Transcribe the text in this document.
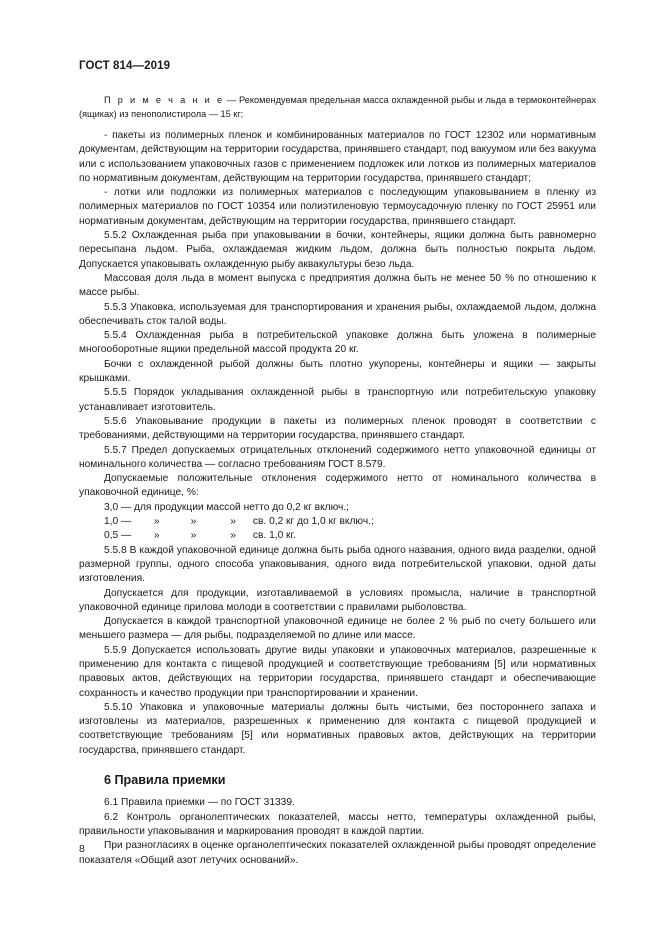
ГОСТ 814—2019

П р и м е ч а н и е — Рекомендуемая предельная масса охлажденной рыбы и льда в термоконтейнерах (ящиках) из пенополистирола — 15 кг;

- пакеты из полимерных пленок и комбинированных материалов по ГОСТ 12302 или нормативным документам, действующим на территории государства, принявшего стандарт, под вакуумом или без вакуума или с использованием упаковочных газов с применением подложек или лотков из полимерных материалов по нормативным документам, действующим на территории государства, принявшего стандарт;

- лотки или подложки из полимерных материалов с последующим упаковыванием в пленку из полимерных материалов по ГОСТ 10354 или полиэтиленовую термоусадочную пленку по ГОСТ 25951 или нормативным документам, действующим на территории государства, принявшего стандарт.

5.5.2 Охлажденная рыба при упаковывании в бочки, контейнеры, ящики должна быть равномерно пересыпана льдом. Рыба, охлаждаемая жидким льдом, должна быть полностью покрыта льдом. Допускается упаковывать охлажденную рыбу аквакультуры безо льда.

Массовая доля льда в момент выпуска с предприятия должна быть не менее 50 % по отношению к массе рыбы.

5.5.3 Упаковка, используемая для транспортирования и хранения рыбы, охлаждаемой льдом, должна обеспечивать сток талой воды.

5.5.4 Охлажденная рыба в потребительской упаковке должна быть уложена в полимерные многооборотные ящики предельной массой продукта 20 кг.

Бочки с охлажденной рыбой должны быть плотно укупорены, контейнеры и ящики — закрыты крышками.

5.5.5 Порядок укладывания охлажденной рыбы в транспортную или потребительскую упаковку устанавливает изготовитель.

5.5.6 Упаковывание продукции в пакеты из полимерных пленок проводят в соответствии с требованиями, действующими на территории государства, принявшего стандарт.

5.5.7 Предел допускаемых отрицательных отклонений содержимого нетто упаковочной единицы от номинального количества — согласно требованиям ГОСТ 8.579.

Допускаемые положительные отклонения содержимого нетто от номинального количества в упаковочной единице, %:

3,0 — для продукции массой нетто до 0,2 кг включ.;

1,0 —        »           »            »      св. 0,2 кг до 1,0 кг включ.;

0,5 —        »           »            »      св. 1,0 кг.

5.5.8 В каждой упаковочной единице должна быть рыба одного названия, одного вида разделки, одной размерной группы, одного способа упаковывания, одного вида потребительской упаковки, одной даты изготовления.

Допускается для продукции, изготавливаемой в условиях промысла, наличие в транспортной упаковочной единице прилова молоди в соответствии с правилами рыболовства.

Допускается в каждой транспортной упаковочной единице не более 2 % рыб по счету большего или меньшего размера — для рыбы, подразделяемой по длине или массе.

5.5.9 Допускается использовать другие виды упаковки и упаковочных материалов, разрешенные к применению для контакта с пищевой продукцией и соответствующие требованиям [5] или нормативных правовых актов, действующих на территории государства, принявшего стандарт и обеспечивающие сохранность и качество продукции при транспортировании и хранении.

5.5.10 Упаковка и упаковочные материалы должны быть чистыми, без постороннего запаха и изготовлены из материалов, разрешенных к применению для контакта с пищевой продукцией и соответствующие требованиям [5] или нормативных правовых актов, действующих на территории государства, принявшего стандарт.

6 Правила приемки

6.1 Правила приемки — по ГОСТ 31339.

6.2 Контроль органолептических показателей, массы нетто, температуры охлажденной рыбы, правильности упаковывания и маркирования проводят в каждой партии.

При разногласиях в оценке органолептических показателей охлажденной рыбы проводят определение показателя «Общий азот летучих оснований».

8
